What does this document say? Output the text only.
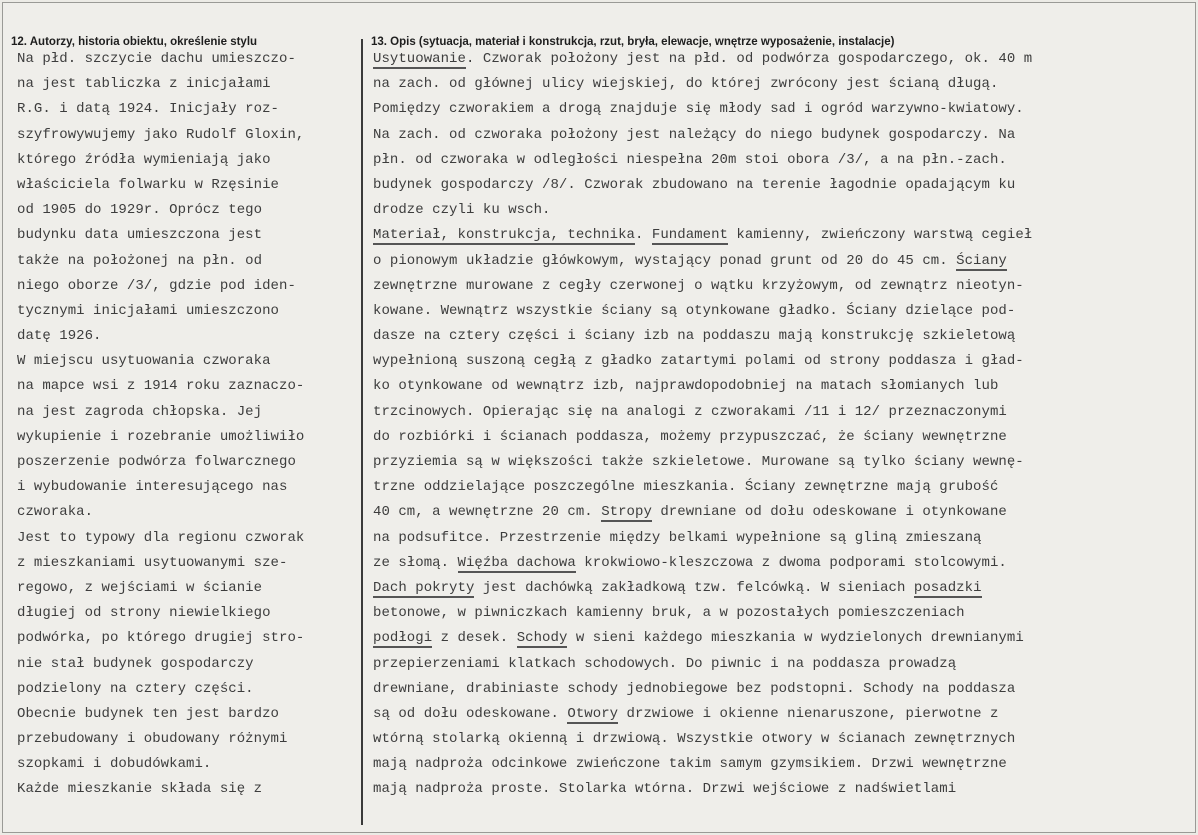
12. Autorzy, historia obiektu, określenie stylu	13. Opis (sytuacja, materiał i konstrukcja, rzut, bryła, elewacje, wnętrze wyposażenie, instalacje)
Na płd. szczycie dachu umieszczo-
na jest tabliczka z inicjałami
R.G. i datą 1924. Inicjały roz-
szyfrowywujemy jako Rudolf Gloxin,
którego źródła wymieniają jako
właściciela folwarku w Rzęsinie
od 1905 do 1929r. Oprócz tego
budynku data umieszczona jest
także na położonej na płn. od
niego oborze /3/, gdzie pod iden-
tycznymi inicjałami umieszczono
datę 1926.
W miejscu usytuowania czworaka
na mapce wsi z 1914 roku zaznaczo-
na jest zagroda chłopska. Jej
wykupienie i rozebranie umożliwiło
poszerzenie podwórza folwarcznego
i wybudowanie interesującego nas
czworaka.
Jest to typowy dla regionu czworak
z mieszkaniami usytuowanymi sze-
regowo, z wejściami w ścianie
długiej od strony niewielkiego
podwórka, po którego drugiej stro-
nie stał budynek gospodarczy
podzielony na cztery części.
Obecnie budynek ten jest bardzo
przebudowany i obudowany różnymi
szopkami i dobudówkami.
Każde mieszkanie składa się z
Usytuowanie. Czworak położony jest na płd. od podwórza gospodarczego, ok. 40 m
na zach. od głównej ulicy wiejskiej, do której zwrócony jest ścianą długą.
Pomiędzy czworakiem a drogą znajduje się młody sad i ogród warzywno-kwiatowy.
Na zach. od czworaka położony jest należący do niego budynek gospodarczy. Na
płn. od czworaka w odległości niespełna 20m stoi obora /3/, a na płn.-zach.
budynek gospodarczy /8/. Czworak zbudowano na terenie łagodnie opadającym ku
drodze czyli ku wsch.
Materiał, konstrukcja, technika. Fundament kamienny, zwieńczony warstwą cegieł
o pionowym układzie główkowym, wystający ponad grunt od 20 do 45 cm. Ściany
zewnętrzne murowane z cegły czerwonej o wątku krzyżowym, od zewnątrz nieotyn-
kowane. Wewnątrz wszystkie ściany są otynkowane gładko. Ściany dzielące pod-
dasze na cztery części i ściany izb na poddaszu mają konstrukcję szkieletową
wypełnioną suszoną cegłą z gładko zatartymi polami od strony poddasza i gład-
ko otynkowane od wewnątrz izb, najprawdopodobniej na matach słomianych lub
trzcinowych. Opierając się na analogi z czworakami /11 i 12/ przeznaczonymi
do rozbiórki i ścianach poddasza, możemy przypuszczać, że ściany wewnętrzne
przyziemia są w większości także szkieletowe. Murowane są tylko ściany wewnę-
trzne oddzielające poszczególne mieszkania. Ściany zewnętrzne mają grubość
40 cm, a wewnętrzne 20 cm. Stropy drewniane od dołu odeskowane i otynkowane
na podsufitce. Przestrzenie między belkami wypełnione są gliną zmieszaną
ze słomą. Więźba dachowa krokwiowo-kleszczowa z dwoma podporami stolcowymi.
Dach pokryty jest dachówką zakładkową tzw. felcówką. W sieniach posadzki
betonowe, w piwniczkach kamienny bruk, a w pozostałych pomieszczeniach
podłogi z desek. Schody w sieni każdego mieszkania w wydzielonych drewnianymi
przepierzeniami klatkach schodowych. Do piwnic i na poddasza prowadzą
drewniane, drabiniaste schody jednobiegowe bez podstopni. Schody na poddasza
są od dołu odeskowane. Otwory drzwiowe i okienne nienaruszone, pierwotne z
wtórną stolarką okienną i drzwiową. Wszystkie otwory w ścianach zewnętrznych
mają nadproża odcinkowe zwieńczone takim samym gzymsikiem. Drzwi wewnętrzne
mają nadproża proste. Stolarka wtórna. Drzwi wejściowe z nadświetlami
